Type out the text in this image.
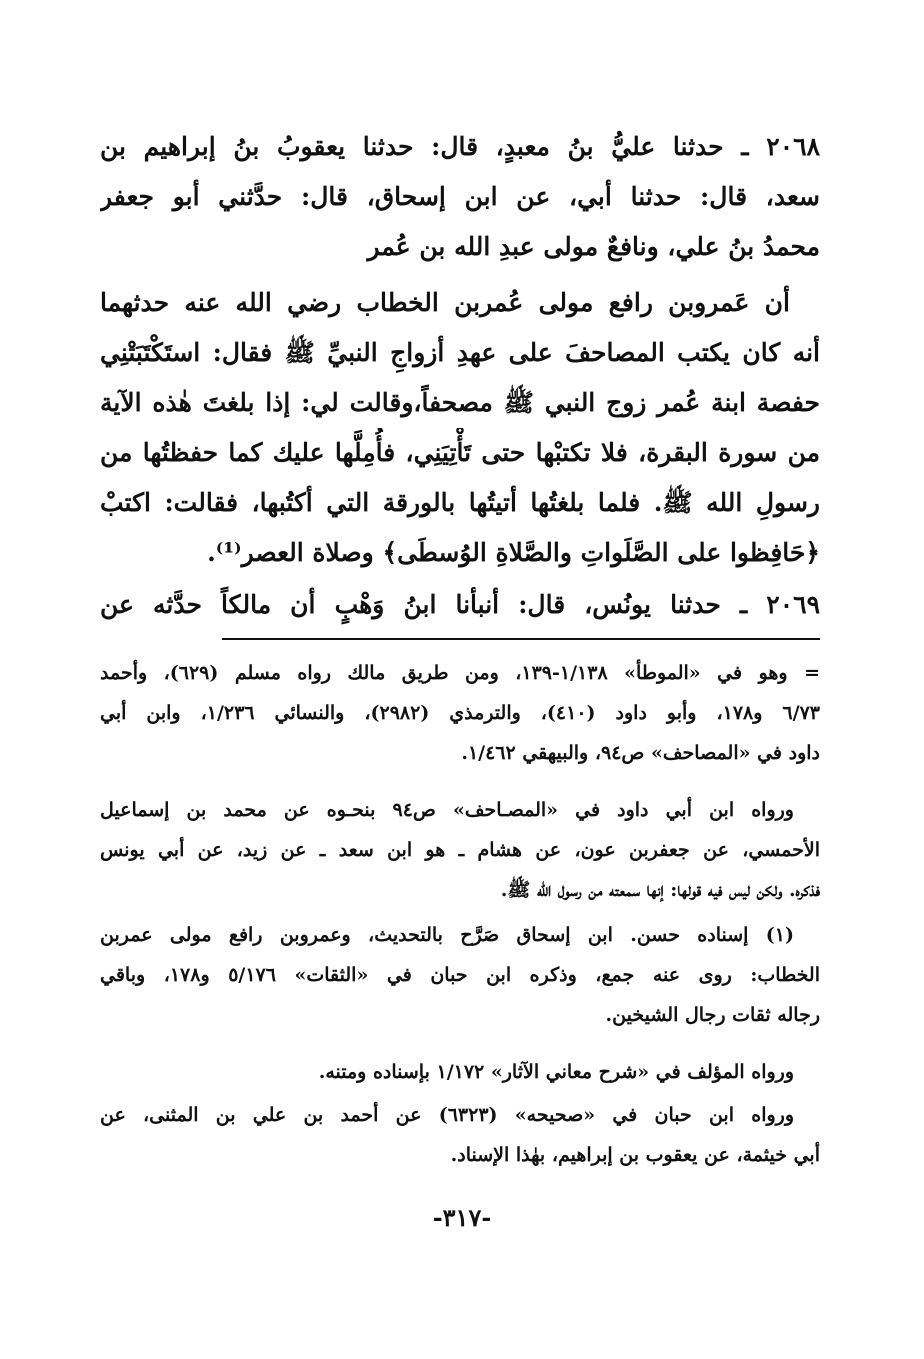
٢٠٦٨ ـ حدثنا عليُّ بنُ معبدٍ، قال: حدثنا يعقوبُ بنُ إبراهيم بن
سعد، قال: حدثنا أبي، عن ابن إسحاق، قال: حدَّثني أبو جعفر
محمدُ بنُ علي، ونافعٌ مولى عبدِ الله بن عُمر
أن عَمروبن رافع مولى عُمربن الخطاب رضي الله عنه حدثهما
أنه كان يكتب المصاحفَ على عهدِ أزواجِ النبيِّ ﷺ فقال: استَكْتَبَتْنِي
حفصة ابنة عُمر زوج النبي ﷺ مصحفاً،وقالت لي: إذا بلغتَ هٰذه الآية
من سورة البقرة، فلا تكتبْها حتى تَأْتِيَنِي، فأُمِلَّها عليك كما حفظتُها من
رسولِ الله ﷺ. فلما بلغتُها أتيتُها بالورقة التي أكتُبها، فقالت: اكتبْ
﴿حَافِظوا على الصَّلَواتِ والصَّلاةِ الوُسطَى﴾ وصلاة العصر⁽¹⁾.
٢٠٦٩ ـ حدثنا يونُس، قال: أنبأنا ابنُ وَهْبٍ أن مالكاً حدَّثه عن
= وهو في «الموطأ» ١/١٣٨-١٣٩، ومن طريق مالك رواه مسلم (٦٢٩)، وأحمد
٦/٧٣ و١٧٨، وأبو داود (٤١٠)، والترمذي (٢٩٨٢)، والنسائي ١/٢٣٦، وابن أبي
داود في «المصاحف» ص٩٤، والبيهقي ١/٤٦٢.
ورواه ابن أبي داود في «المصـاحف» ص٩٤ بنحـوه عن محمد بن إسماعيل
الأحمسي، عن جعفربن عون، عن هشام ـ هو ابن سعد ـ عن زيد، عن أبي يونس
فذكره. ولكن ليس فيه قولها: إنها سمعته من رسول الله ﷺ.
(١) إسناده حسن. ابن إسحاق صَرَّح بالتحديث، وعمروبن رافع مولى عمربن
الخطاب: روى عنه جمع، وذكره ابن حبان في «الثقات» ٥/١٧٦ و١٧٨، وباقي
رجاله ثقات رجال الشيخين.
ورواه المؤلف في «شرح معاني الآثار» ١/١٧٢ بإسناده ومتنه.
ورواه ابن حبان في «صحيحه» (٦٣٢٣) عن أحمد بن علي بن المثنى، عن
أبي خيثمة، عن يعقوب بن إبراهيم، بهٰذا الإسناد.
-٣١٧-
